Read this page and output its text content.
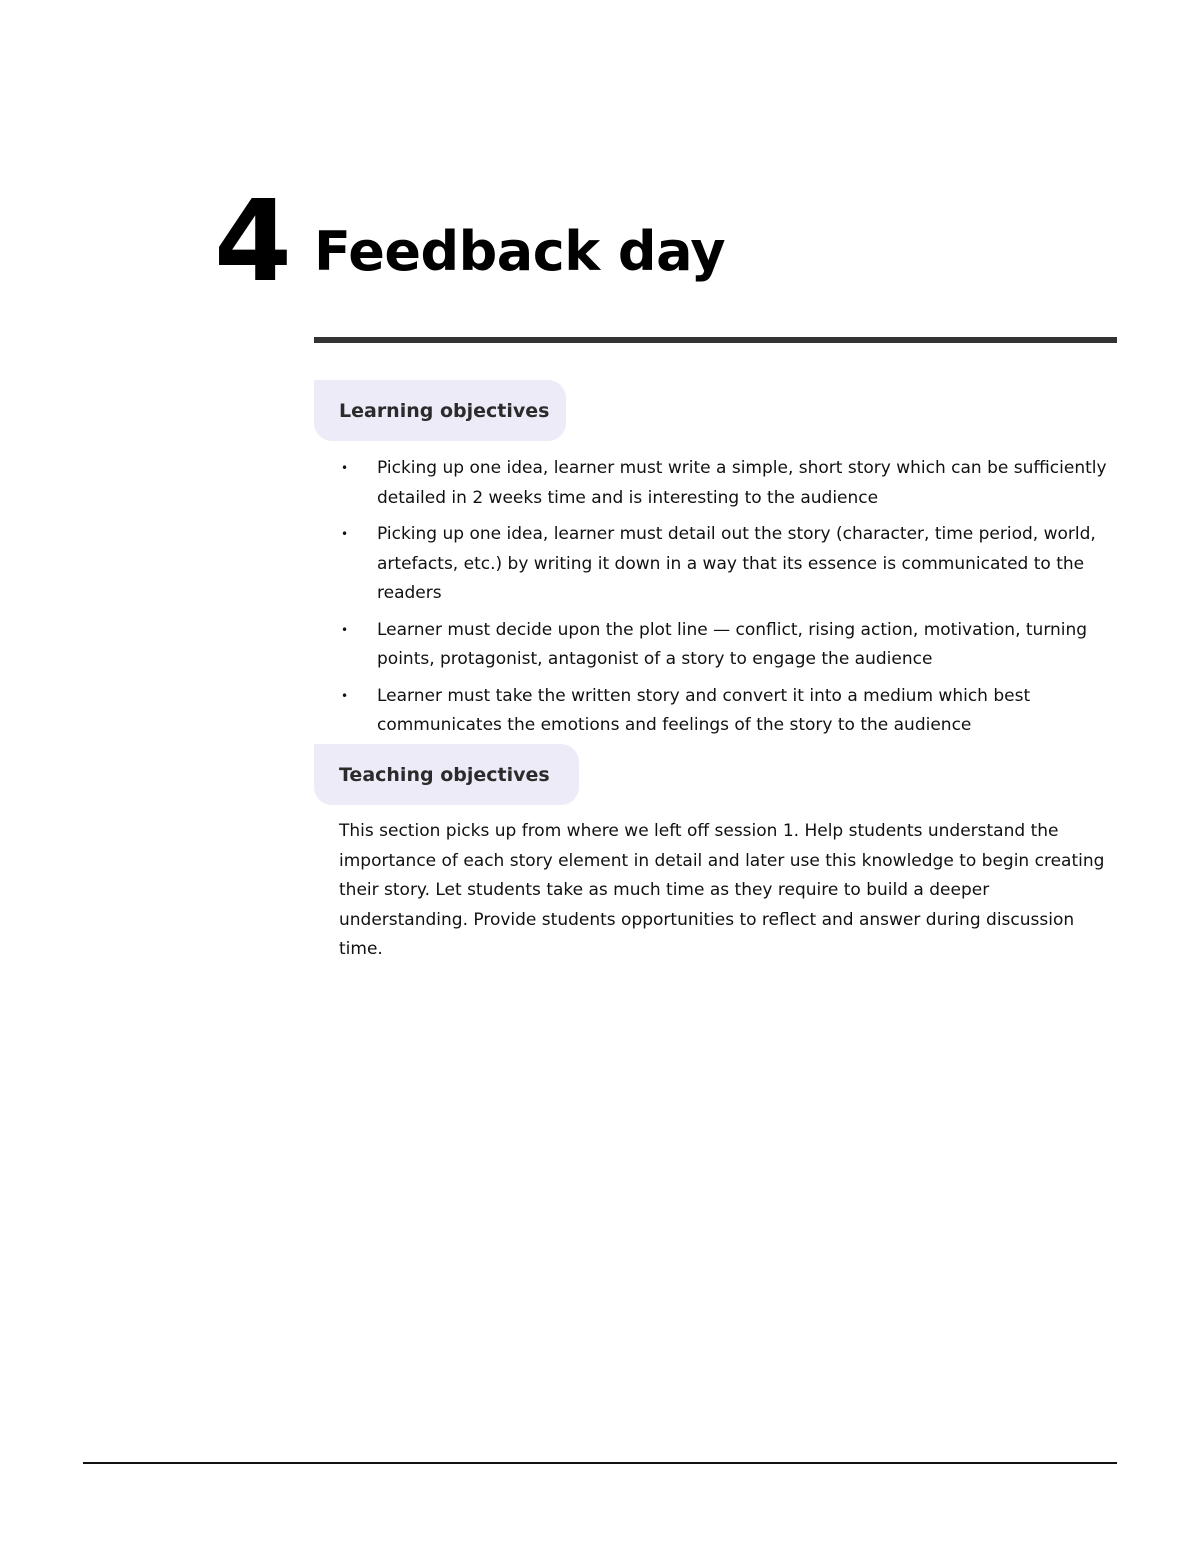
4 Feedback day
Learning objectives
• Picking up one idea, learner must write a simple, short story which can be sufficiently detailed in 2 weeks time and is interesting to the audience
• Picking up one idea, learner must detail out the story (character, time period, world, artefacts, etc.) by writing it down in a way that its essence is communicated to the readers
• Learner must decide upon the plot line — conflict, rising action, motivation, turning points, protagonist, antagonist of a story to engage the audience
• Learner must take the written story and convert it into a medium which best communicates the emotions and feelings of the story to the audience
Teaching objectives

This section picks up from where we left off session 1. Help students understand the importance of each story element in detail and later use this knowledge to begin creating their story. Let students take as much time as they require to build a deeper understanding. Provide students opportunities to reflect and answer during discussion time.
